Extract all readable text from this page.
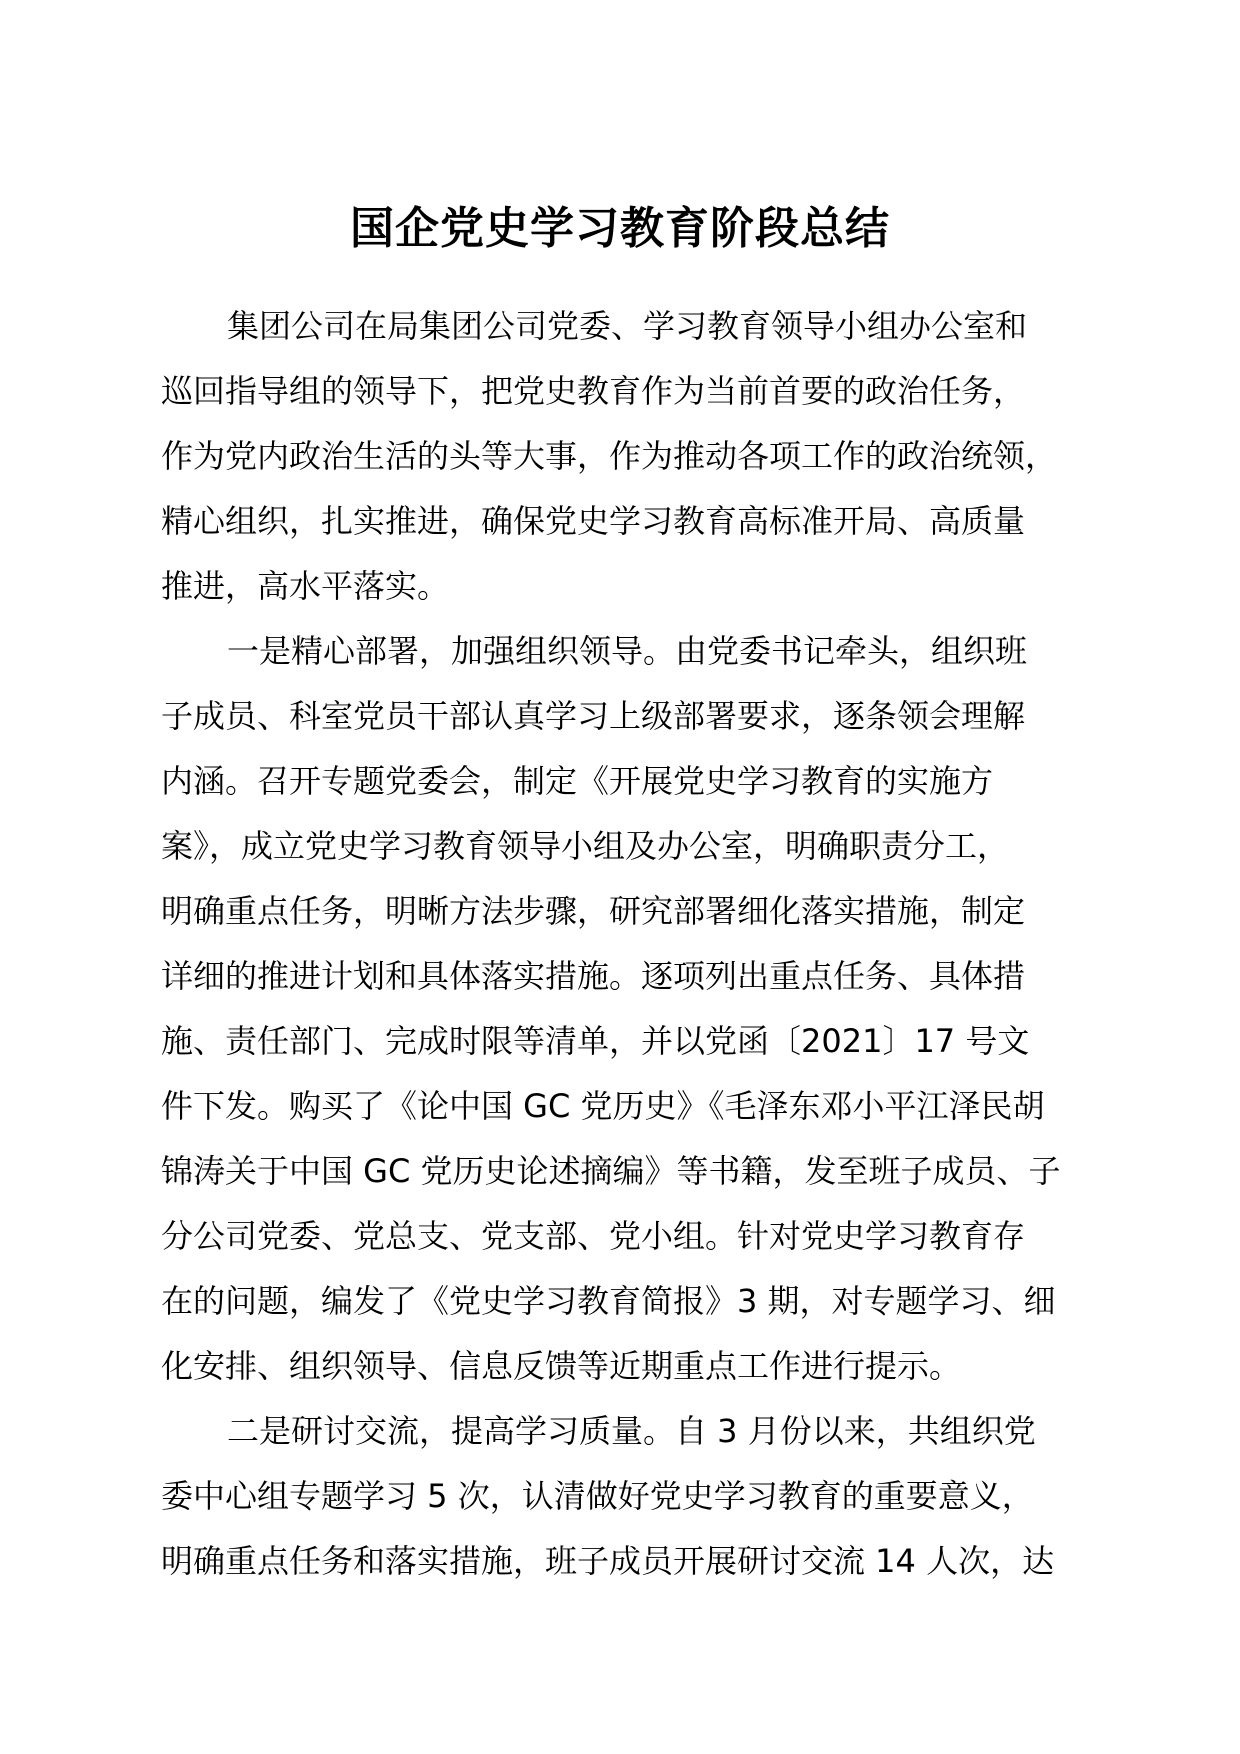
国企党史学习教育阶段总结
集团公司在局集团公司党委、学习教育领导小组办公室和
巡回指导组的领导下，把党史教育作为当前首要的政治任务，
作为党内政治生活的头等大事，作为推动各项工作的政治统领，
精心组织，扎实推进，确保党史学习教育高标准开局、高质量
推进，高水平落实。
一是精心部署，加强组织领导。由党委书记牵头，组织班
子成员、科室党员干部认真学习上级部署要求，逐条领会理解
内涵。召开专题党委会，制定《开展党史学习教育的实施方
案》，成立党史学习教育领导小组及办公室，明确职责分工，
明确重点任务，明晰方法步骤，研究部署细化落实措施，制定
详细的推进计划和具体落实措施。逐项列出重点任务、具体措
施、责任部门、完成时限等清单，并以党函〔2021〕17 号文
件下发。购买了《论中国 GC 党历史》《毛泽东邓小平江泽民胡
锦涛关于中国 GC 党历史论述摘编》等书籍，发至班子成员、子
分公司党委、党总支、党支部、党小组。针对党史学习教育存
在的问题，编发了《党史学习教育简报》3 期，对专题学习、细
化安排、组织领导、信息反馈等近期重点工作进行提示。
二是研讨交流，提高学习质量。自 3 月份以来，共组织党
委中心组专题学习 5 次，认清做好党史学习教育的重要意义，
明确重点任务和落实措施，班子成员开展研讨交流 14 人次，达
